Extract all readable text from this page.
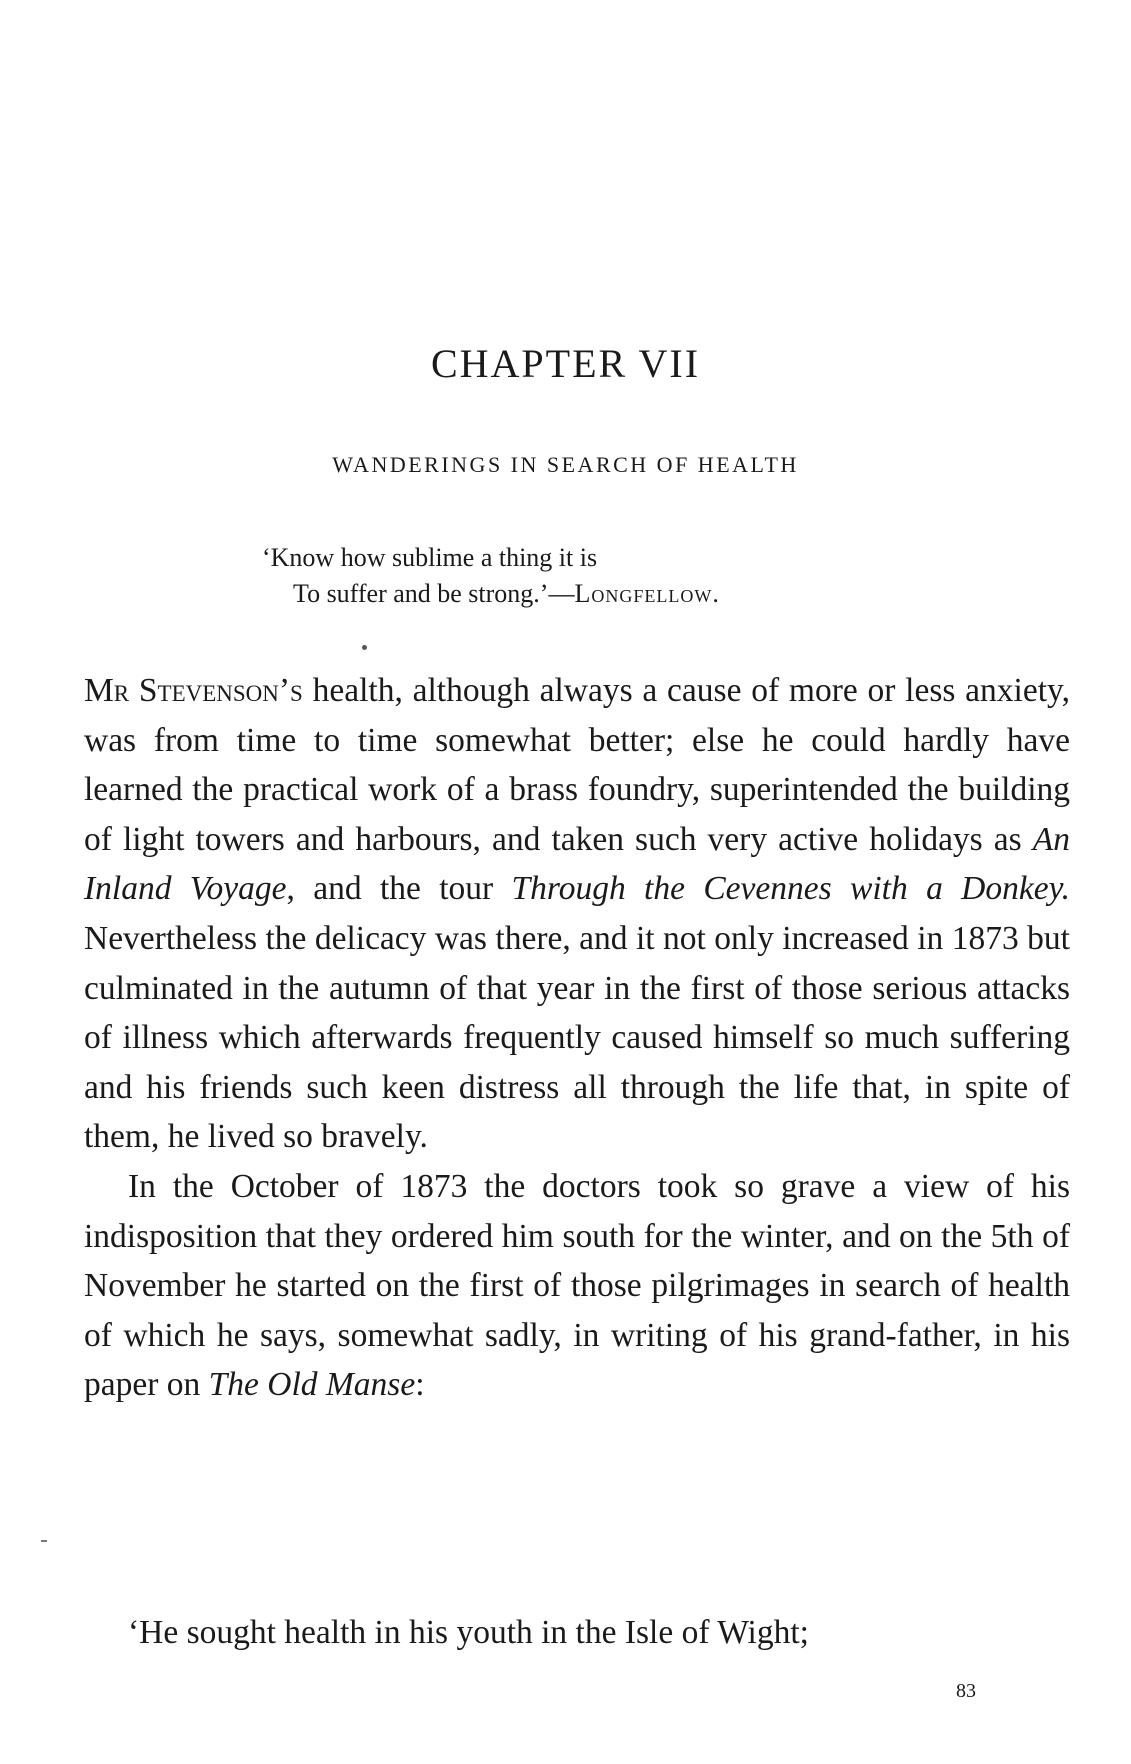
CHAPTER VII
WANDERINGS IN SEARCH OF HEALTH
‘Know how sublime a thing it is
To suffer and be strong.’—Longfellow.

Mr Stevenson’s health, although always a cause of more or less anxiety, was from time to time somewhat better; else he could hardly have learned the practical work of a brass foundry, superintended the building of light towers and harbours, and taken such very active holidays as An Inland Voyage, and the tour Through the Cevennes with a Donkey. Nevertheless the delicacy was there, and it not only increased in 1873 but culminated in the autumn of that year in the first of those serious attacks of illness which afterwards frequently caused himself so much suffering and his friends such keen distress all through the life that, in spite of them, he lived so bravely.

In the October of 1873 the doctors took so grave a view of his indisposition that they ordered him south for the winter, and on the 5th of November he started on the first of those pilgrimages in search of health of which he says, somewhat sadly, in writing of his grand-father, in his paper on The Old Manse:

‘He sought health in his youth in the Isle of Wight;
83
